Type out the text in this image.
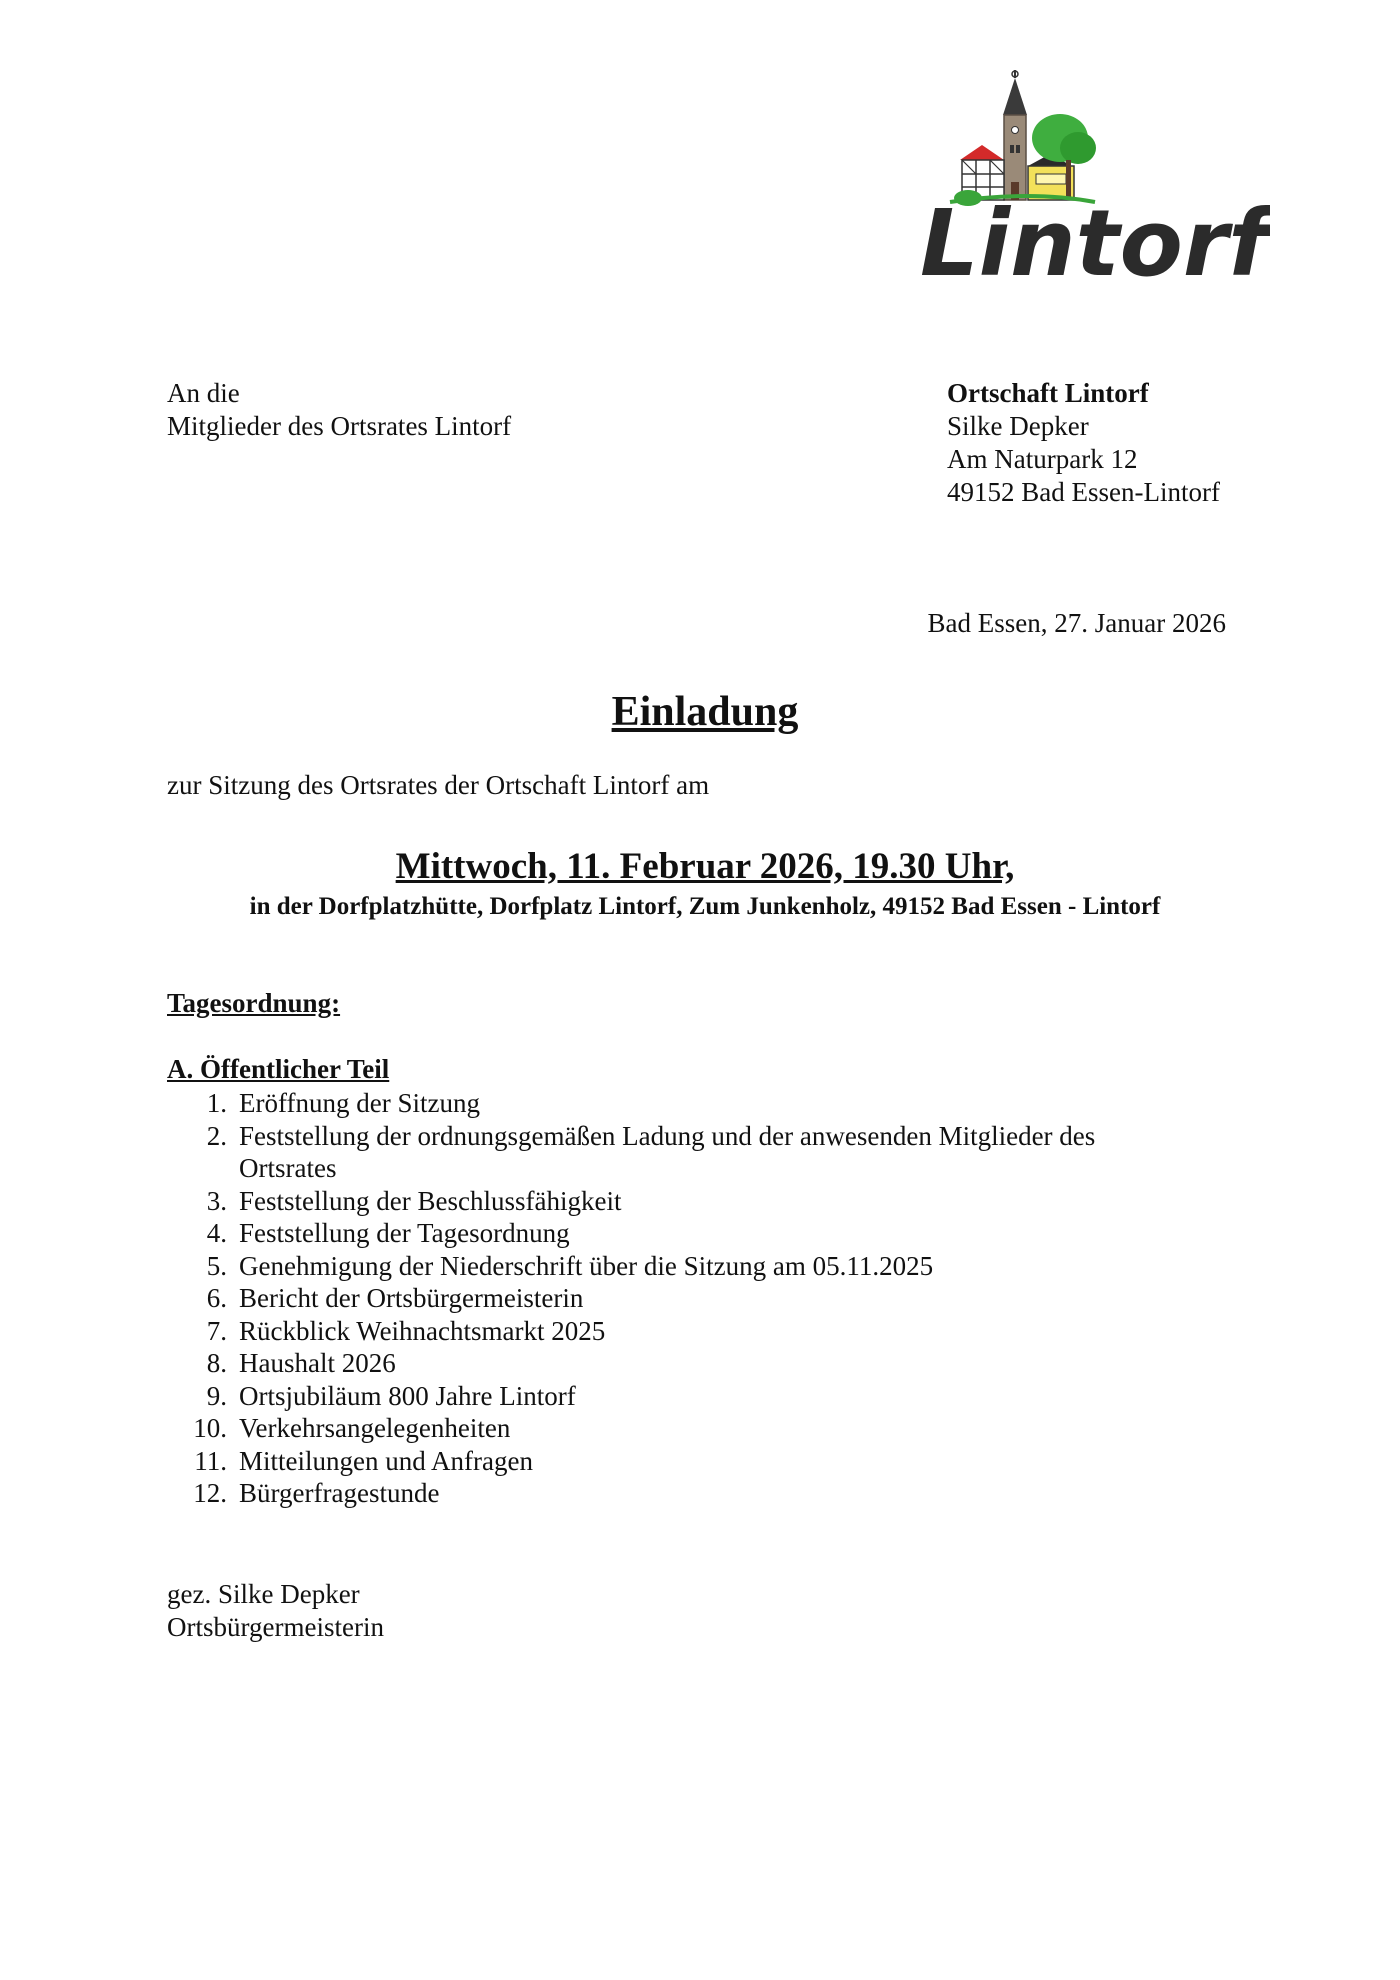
Lintorf
An die
Mitglieder des Ortsrates Lintorf
Ortschaft Lintorf
Silke Depker
Am Naturpark 12
49152 Bad Essen-Lintorf
Bad Essen, 27. Januar 2026
Einladung
zur Sitzung des Ortsrates der Ortschaft Lintorf am
Mittwoch, 11. Februar 2026, 19.30 Uhr,
in der Dorfplatzhütte, Dorfplatz Lintorf, Zum Junkenholz, 49152 Bad Essen - Lintorf
Tagesordnung:
A. Öffentlicher Teil
1. Eröffnung der Sitzung
2. Feststellung der ordnungsgemäßen Ladung und der anwesenden Mitglieder des Ortsrates
3. Feststellung der Beschlussfähigkeit
4. Feststellung der Tagesordnung
5. Genehmigung der Niederschrift über die Sitzung am 05.11.2025
6. Bericht der Ortsbürgermeisterin
7. Rückblick Weihnachtsmarkt 2025
8. Haushalt 2026
9. Ortsjubiläum 800 Jahre Lintorf
10. Verkehrsangelegenheiten
11. Mitteilungen und Anfragen
12. Bürgerfragestunde
gez. Silke Depker
Ortsbürgermeisterin
